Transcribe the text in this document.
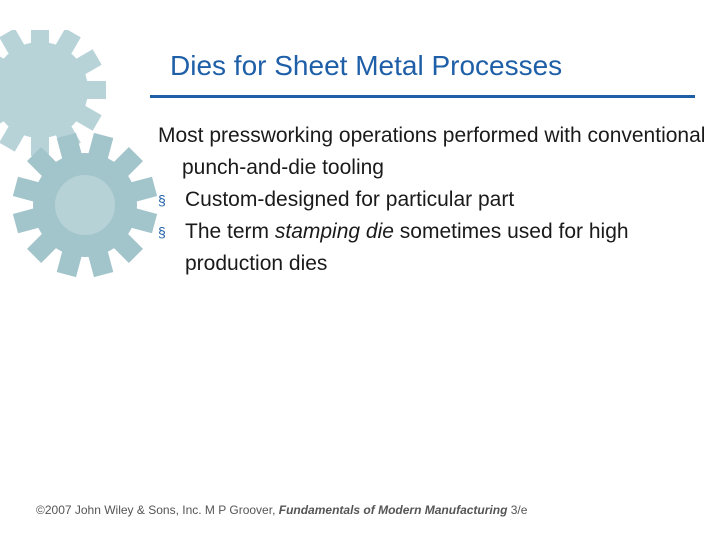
Dies for Sheet Metal Processes

Most pressworking operations performed with conventional punch‑and‑die tooling

§ Custom‑designed for particular part

§ The term stamping die sometimes used for high production dies

©2007 John Wiley & Sons, Inc. M P Groover, Fundamentals of Modern Manufacturing 3/e
